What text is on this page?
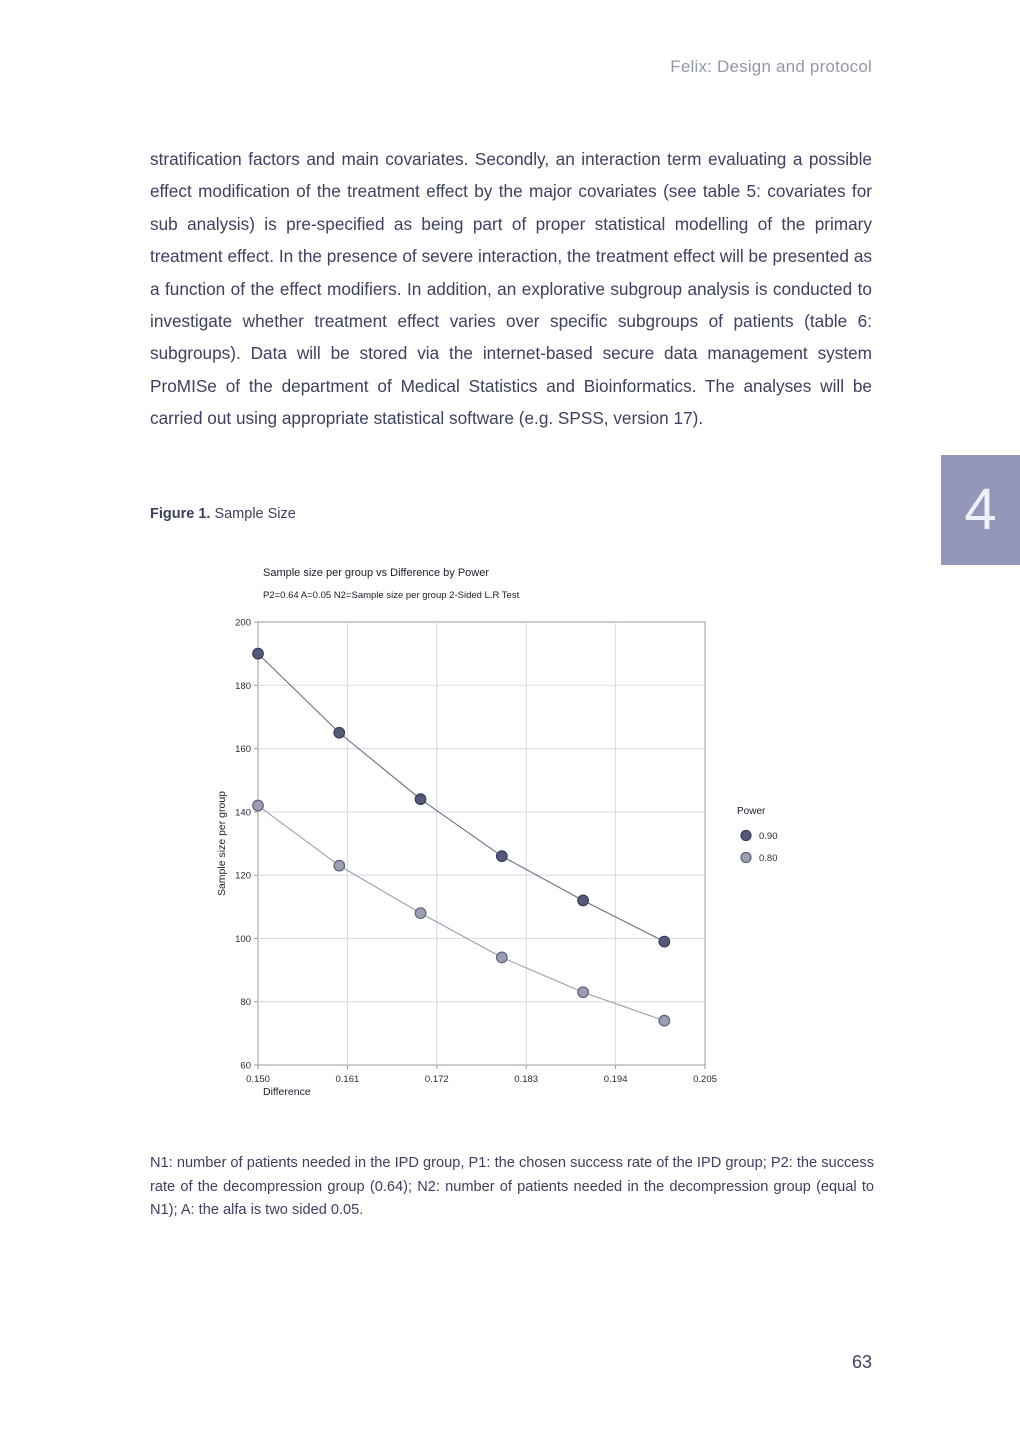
Felix: Design and protocol
stratification factors and main covariates. Secondly, an interaction term evaluating a possible effect modification of the treatment effect by the major covariates (see table 5: covariates for sub analysis) is pre-specified as being part of proper statistical modelling of the primary treatment effect. In the presence of severe interaction, the treatment effect will be presented as a function of the effect modifiers. In addition, an explorative subgroup analysis is conducted to investigate whether treatment effect varies over specific subgroups of patients (table 6: subgroups). Data will be stored via the internet-based secure data management system ProMISe of the department of Medical Statistics and Bioinformatics. The analyses will be carried out using appropriate statistical software (e.g. SPSS, version 17).
Figure 1. Sample Size
Sample size per group vs Difference by Power
P2=0.64 A=0.05 N2=Sample size per group 2-Sided L.R Test
0.150	0.161	0.172	0.183	0.194	0.205
60
80
100
120
140
160
180
200
Difference
Sample size per group	Power
0.90
0.80
N1: number of patients needed in the IPD group, P1: the chosen success rate of the IPD group; P2: the success rate of the decompression group (0.64); N2: number of patients needed in the decompression group (equal to N1); A: the alfa is two sided 0.05.
63
4
